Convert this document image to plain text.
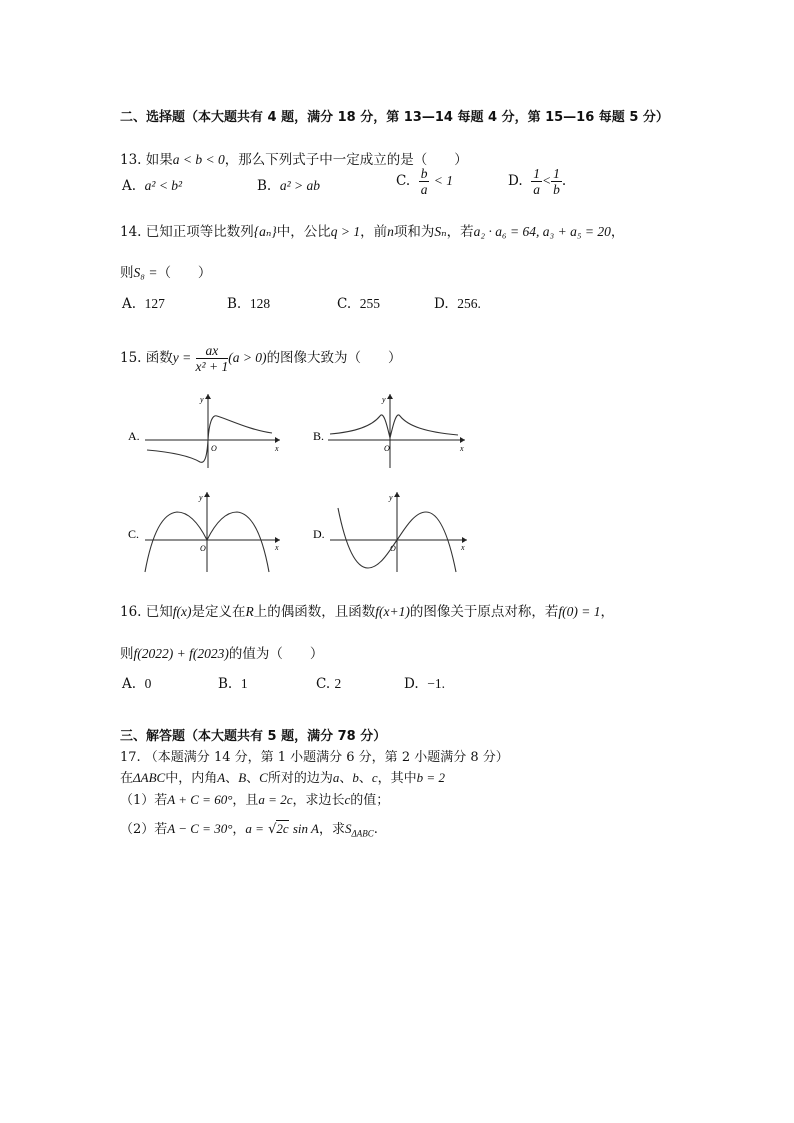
二、选择题（本大题共有 4 题，满分 18 分，第 13—14 每题 4 分，第 15—16 每题 5 分）
13. 如果a < b < 0，那么下列式子中一定成立的是（　　）
A. a² < b²	B. a² > ab	C. $\frac{b}{a} < 1$	D. $\frac{1}{a} < \frac{1}{b}$ .
14. 已知正项等比数列{aₙ}中，公比q > 1，前n项和为Sₙ，若a₂ · a₆ = 64, a₃ + a₅ = 20，
则S₈ =（　　）
A. 127	B. 128	C. 255	D. 256.
15. 函数$y = \frac{ax}{\text{x² + 1}} (a > 0)$的图像大致为（　　）
A.
y
O	x
B.
y
O	x
C.
y
O	x
D.
y
O	x
16. 已知f(x)是定义在R上的偶函数，且函数f(x+1)的图像关于原点对称，若f(0) = 1，
则f(2022) + f(2023)的值为（　　）
A. 0	B. 1	C. 2	D. −1.
三、解答题（本大题共有 5 题，满分 78 分）
17. （本题满分 14 分，第 1 小题满分 6 分，第 2 小题满分 8 分）
在ΔABC中，内角A、B、C所对的边为a、b、c，其中b = 2
（1）若A + C = 60°，且a = 2c，求边长c的值；
（2）若A − C = 30°，a = √2c sin A，求$S_{\Delta ABC}$.
